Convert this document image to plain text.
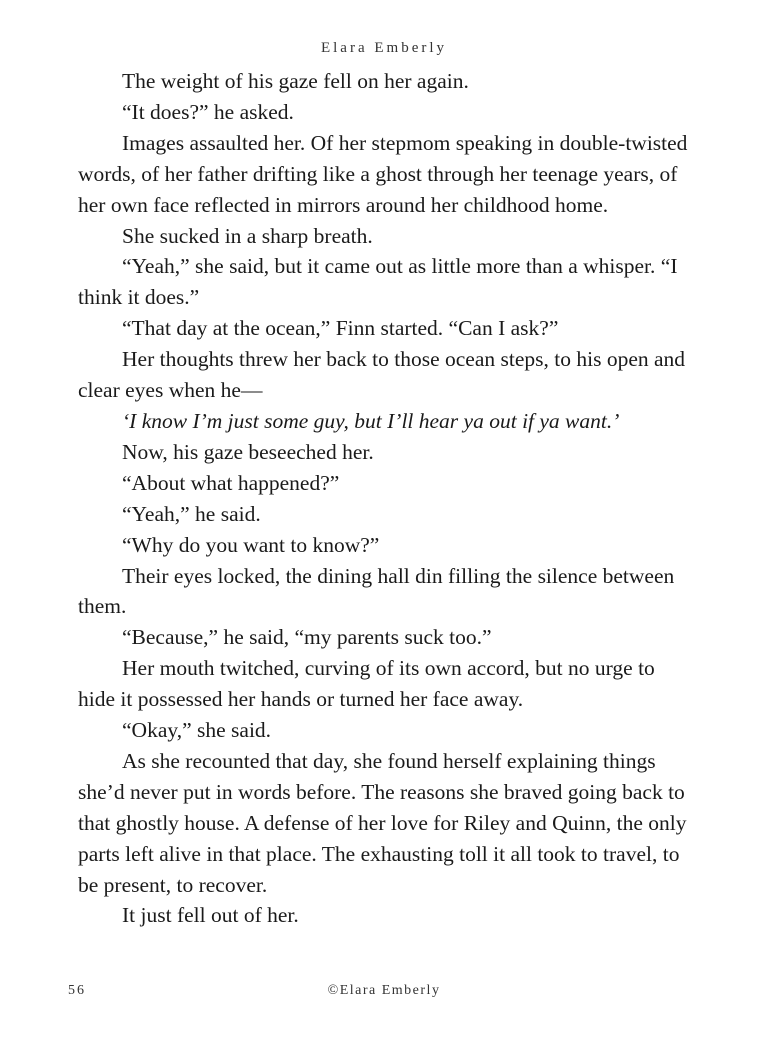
Elara Emberly

The weight of his gaze fell on her again.

“It does?” he asked.

Images assaulted her. Of her stepmom speaking in double-twisted words, of her father drifting like a ghost through her teenage years, of her own face reflected in mirrors around her childhood home.

She sucked in a sharp breath.

“Yeah,” she said, but it came out as little more than a whisper. “I think it does.”

“That day at the ocean,” Finn started. “Can I ask?”

Her thoughts threw her back to those ocean steps, to his open and clear eyes when he—

‘I know I’m just some guy, but I’ll hear ya out if ya want.’

Now, his gaze beseeched her.

“About what happened?”

“Yeah,” he said.

“Why do you want to know?”

Their eyes locked, the dining hall din filling the silence between them.

“Because,” he said, “my parents suck too.”

Her mouth twitched, curving of its own accord, but no urge to hide it possessed her hands or turned her face away.

“Okay,” she said.

As she recounted that day, she found herself explaining things she’d never put in words before. The reasons she braved going back to that ghostly house. A defense of her love for Riley and Quinn, the only parts left alive in that place. The exhausting toll it all took to travel, to be present, to recover.

It just fell out of her.

56	©Elara Emberly
